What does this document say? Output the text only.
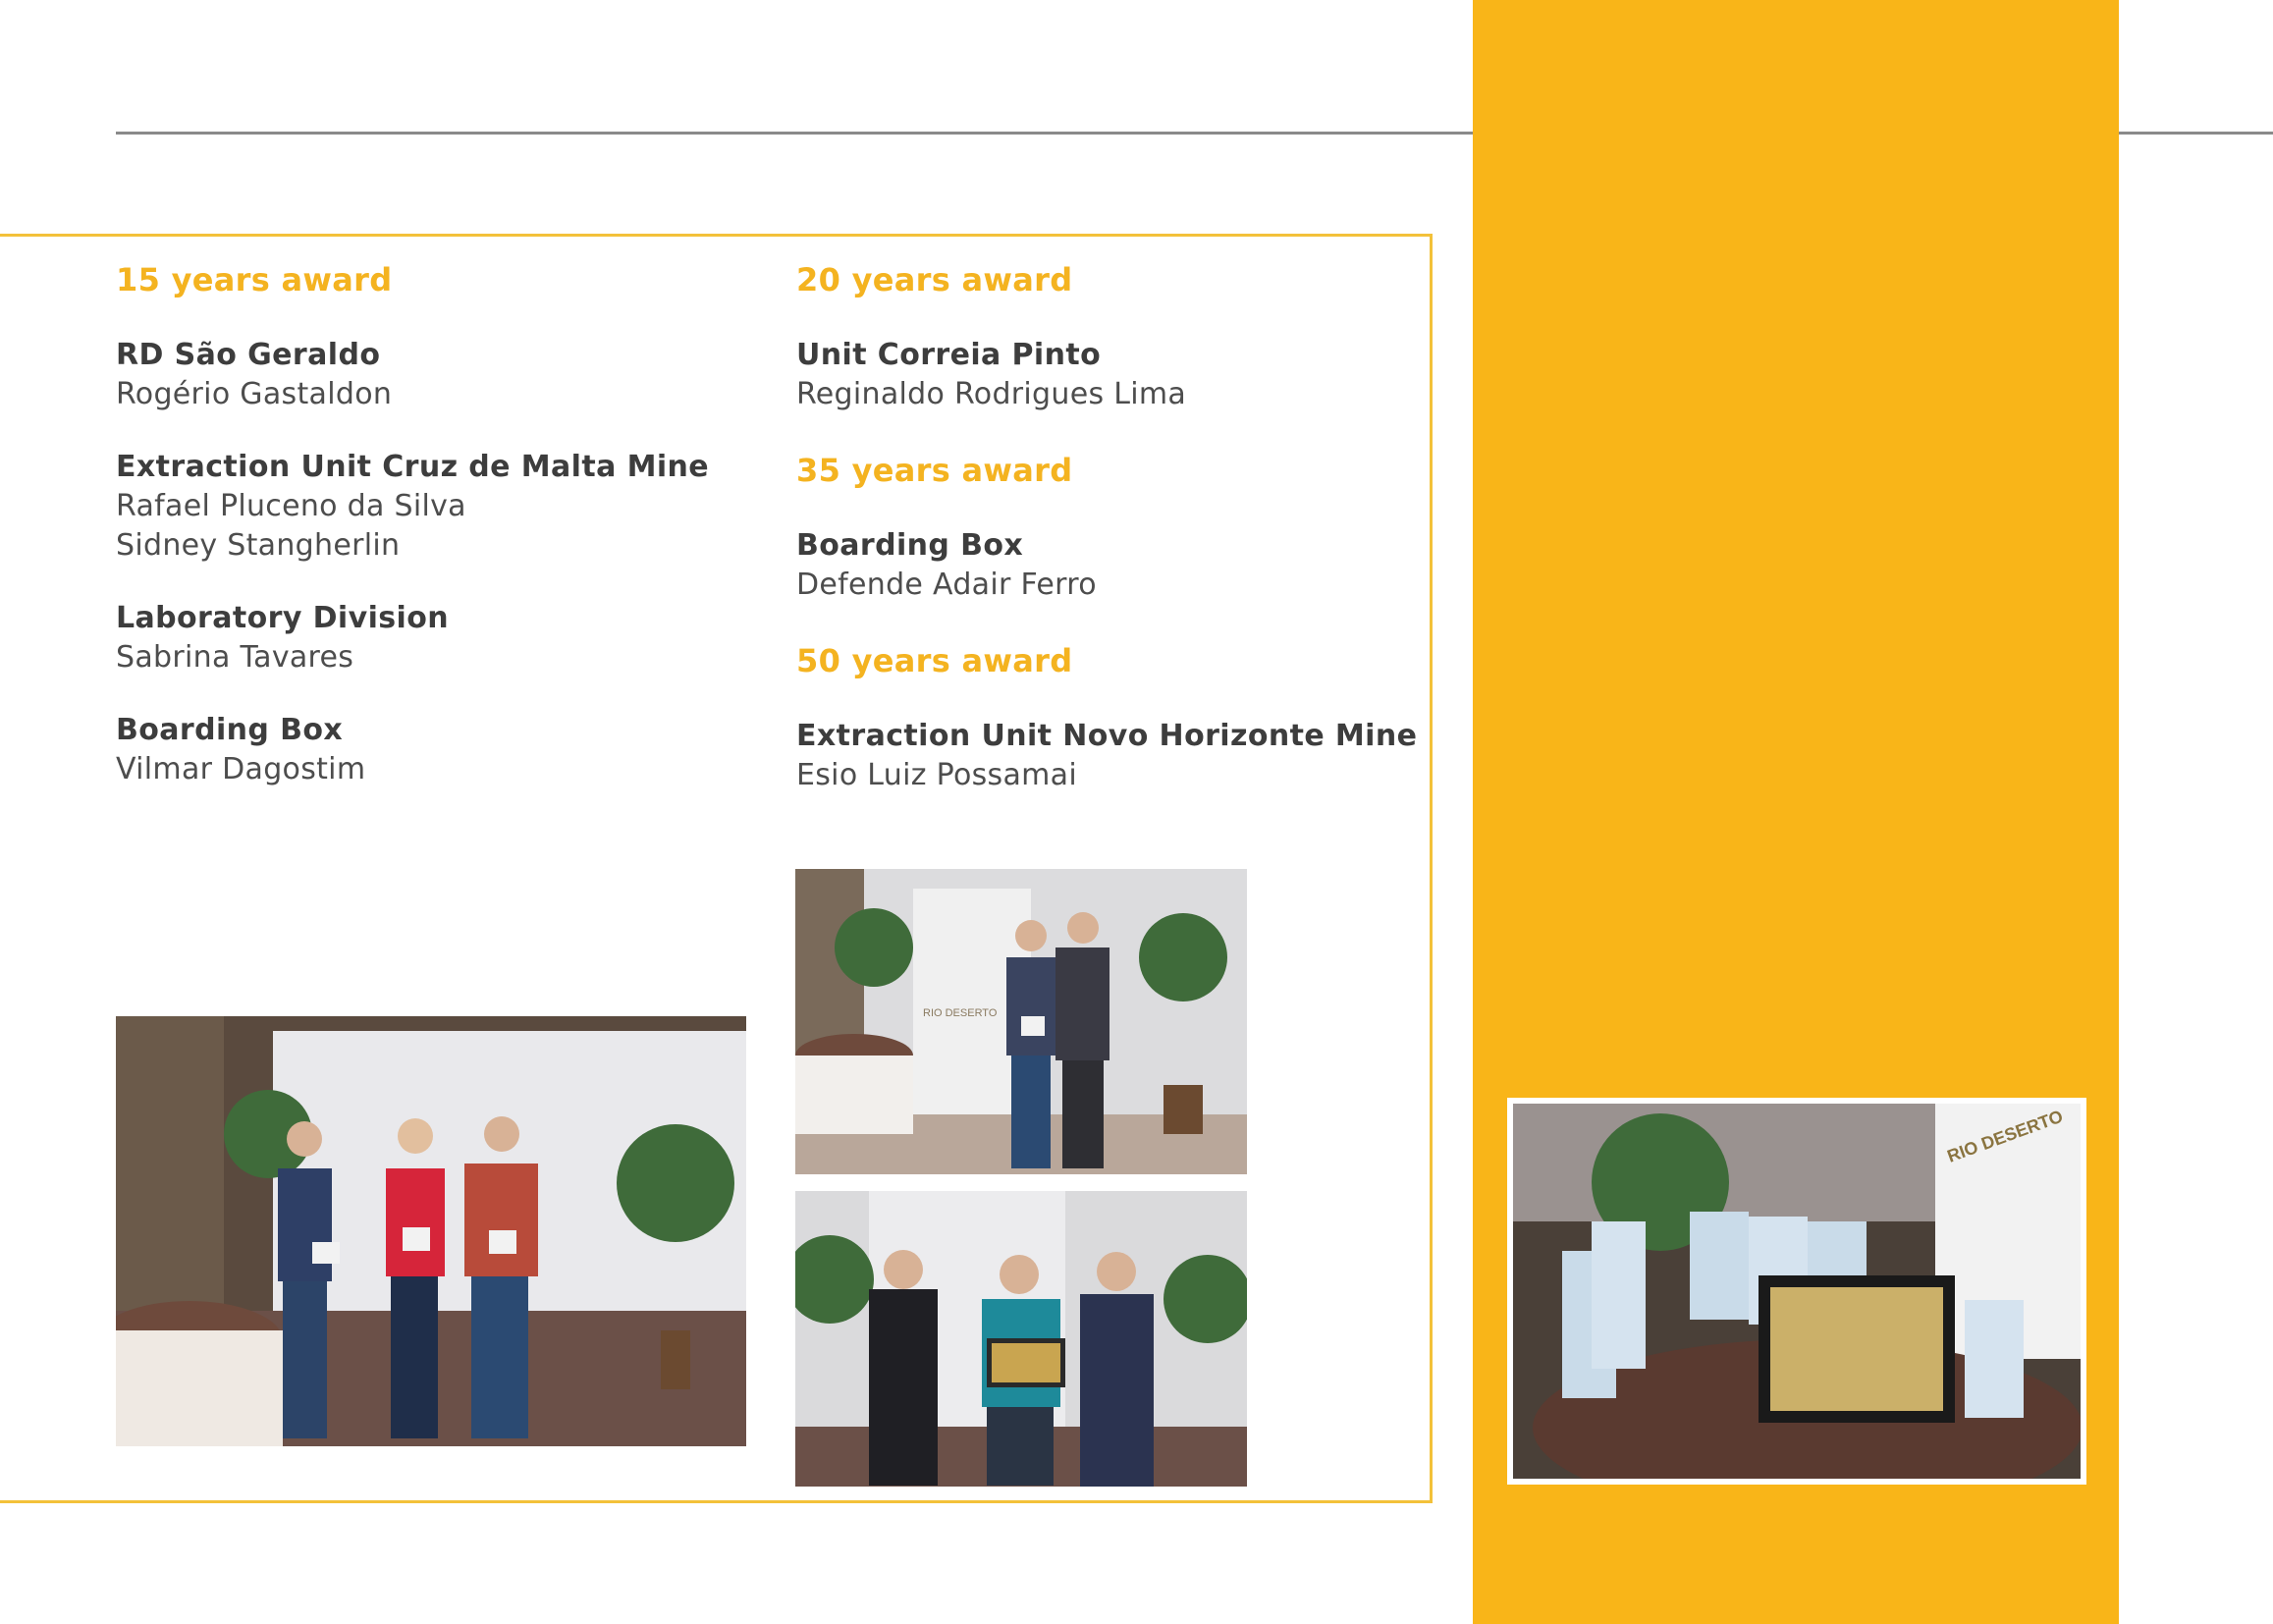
15 years award
RD São Geraldo
Rogério Gastaldon
Extraction Unit Cruz de Malta Mine
Rafael Pluceno da Silva
Sidney Stangherlin
Laboratory Division
Sabrina Tavares
Boarding Box
Vilmar Dagostim
20 years award
Unit Correia Pinto
Reginaldo Rodrigues Lima
35 years award
Boarding Box
Defende Adair Ferro
50 years award
Extraction Unit Novo Horizonte Mine
Esio Luiz Possamai
RIO DESERTO
RIO DESERTO
